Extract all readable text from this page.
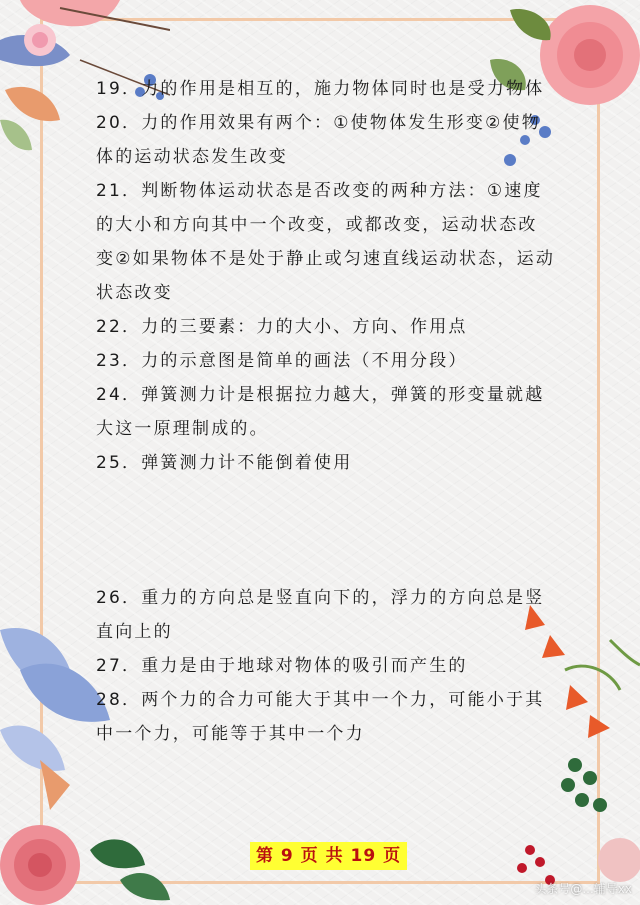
19．力的作用是相互的，施力物体同时也是受力物体

20．力的作用效果有两个：①使物体发生形变②使物体的运动状态发生改变

21．判断物体运动状态是否改变的两种方法：①速度的大小和方向其中一个改变，或都改变，运动状态改变②如果物体不是处于静止或匀速直线运动状态，运动状态改变

22．力的三要素：力的大小、方向、作用点

23．力的示意图是简单的画法（不用分段）

24．弹簧测力计是根据拉力越大，弹簧的形变量就越大这一原理制成的。

25．弹簧测力计不能倒着使用

26．重力的方向总是竖直向下的，浮力的方向总是竖直向上的

27．重力是由于地球对物体的吸引而产生的

28．两个力的合力可能大于其中一个力，可能小于其中一个力，可能等于其中一个力

第 9 页 共 19 页
头条号@...辅导xx
